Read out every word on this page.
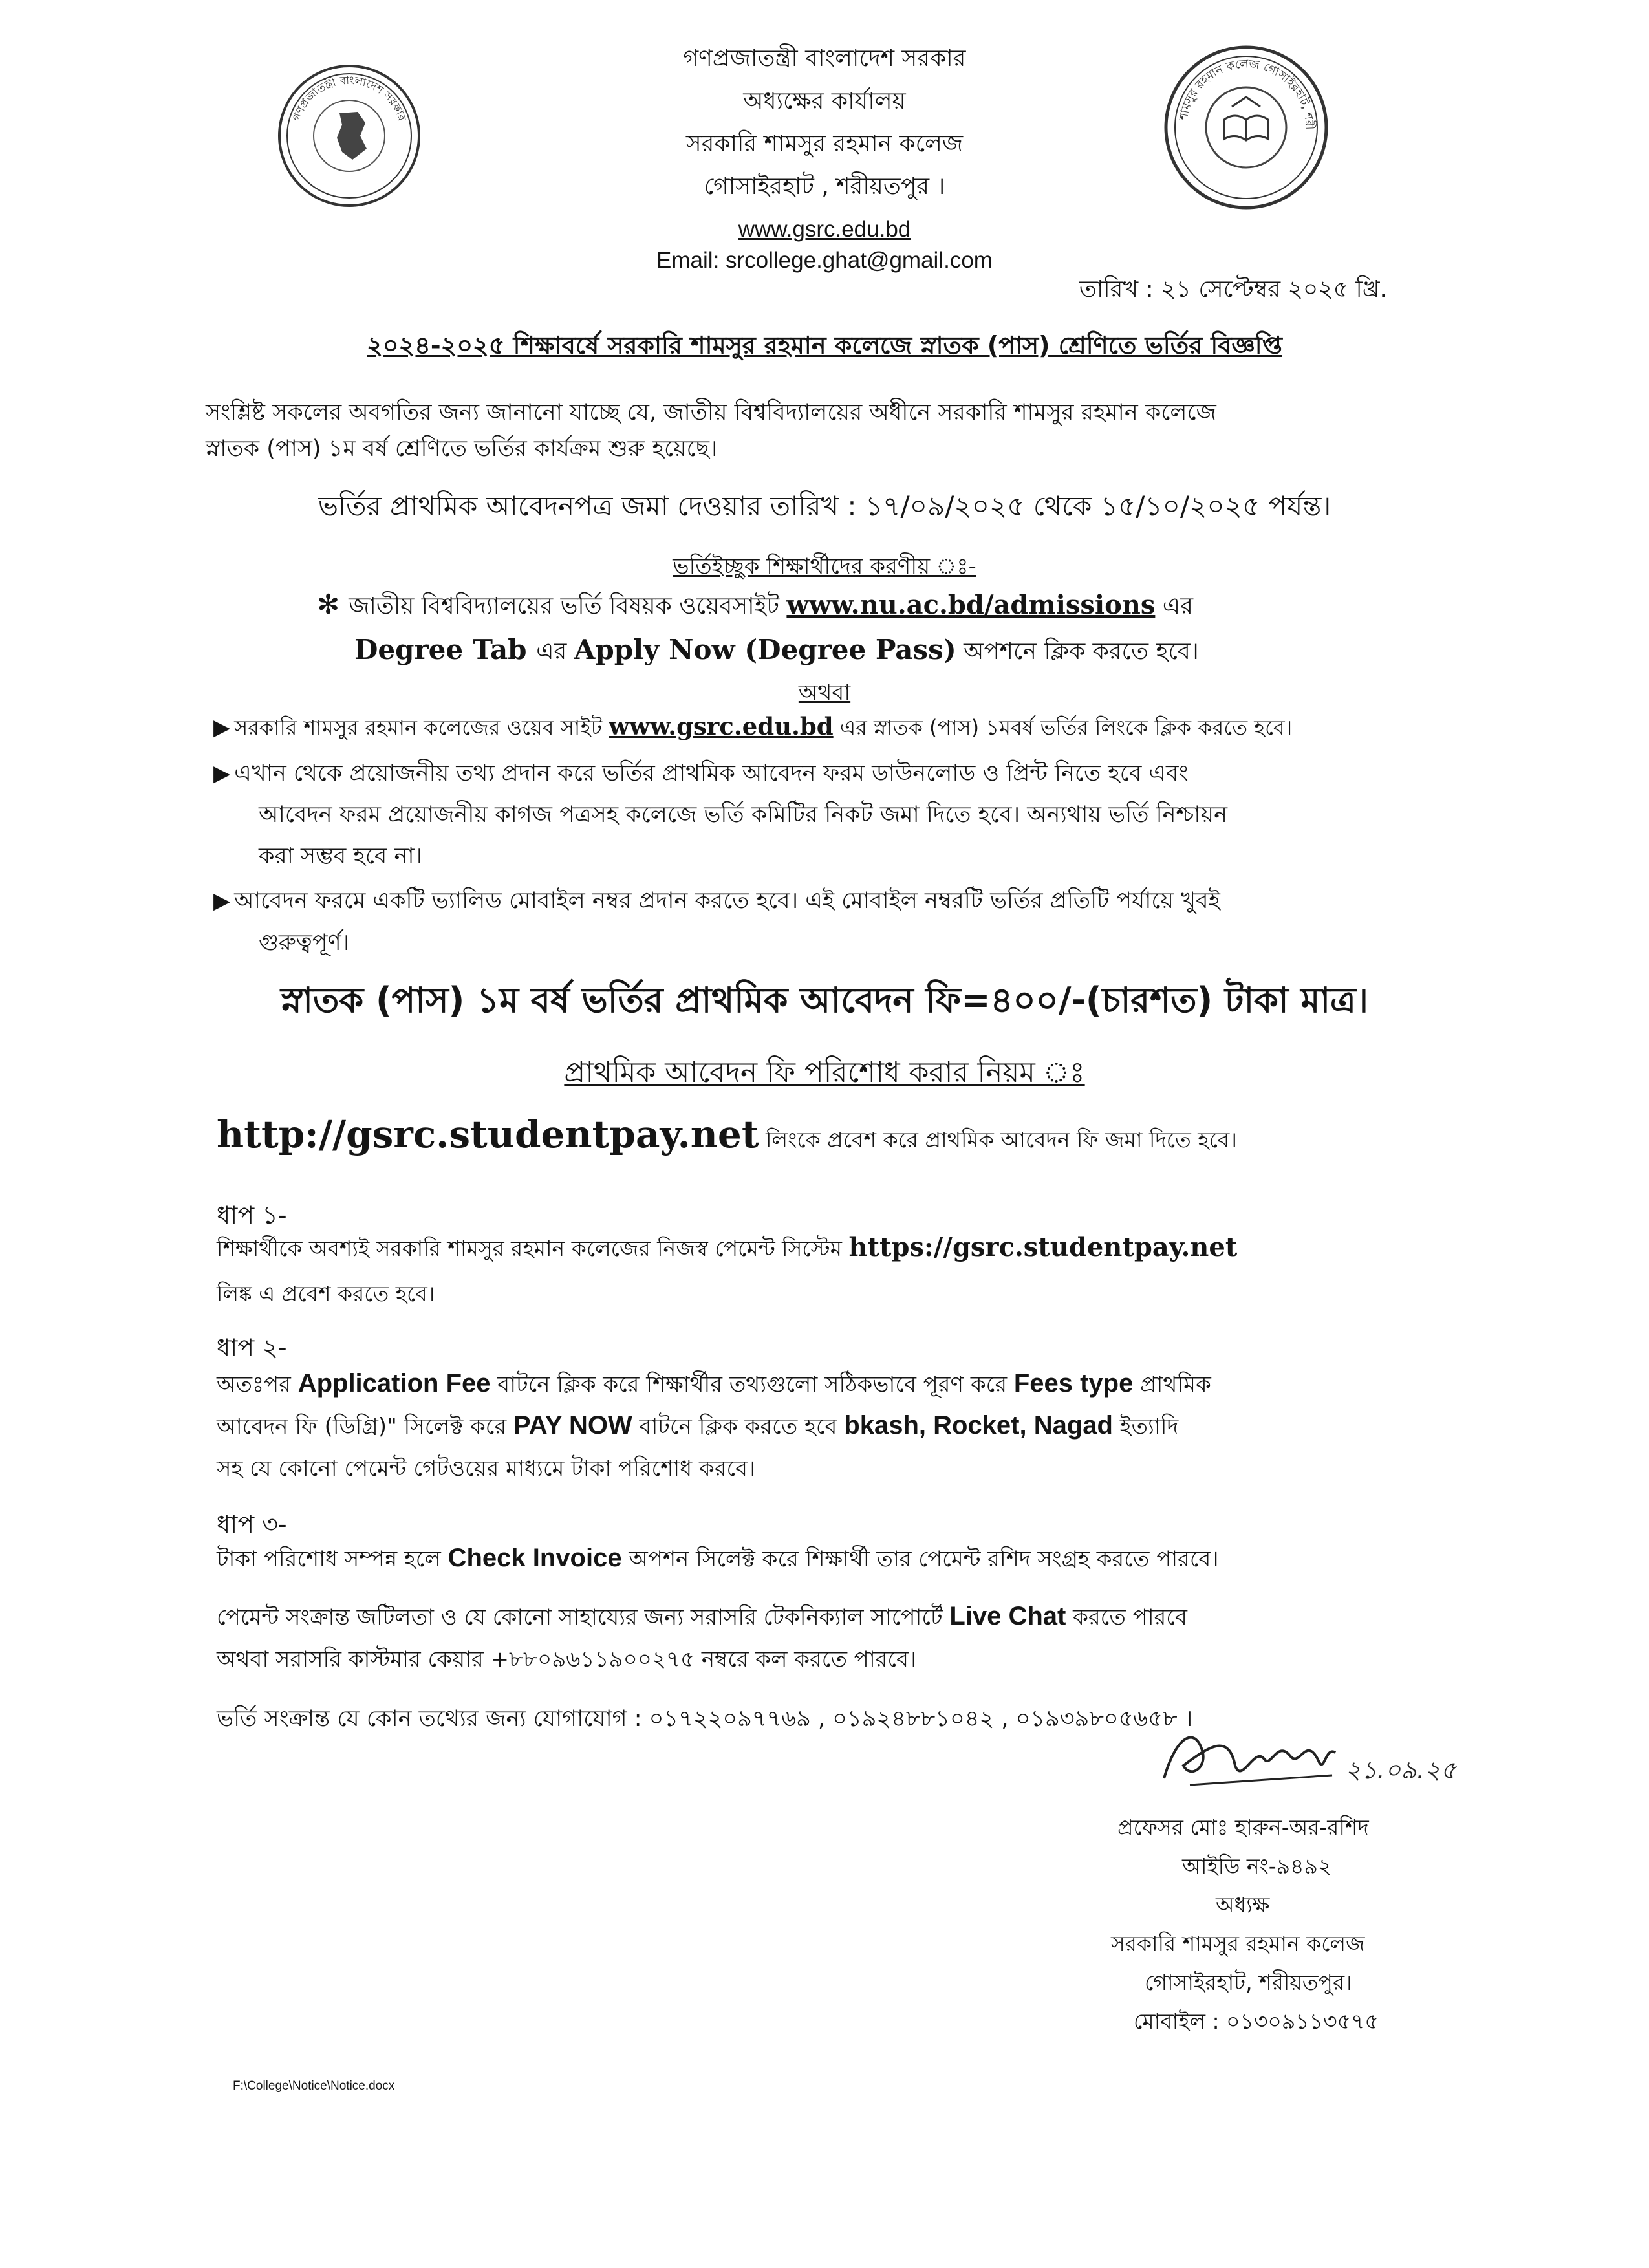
গণপ্রজাতন্ত্রী বাংলাদেশ সরকার	শামসুর রহমান কলেজ গোসাইরহাট, শরী
গণপ্রজাতন্ত্রী বাংলাদেশ সরকার
অধ্যক্ষের কার্যালয়
সরকারি শামসুর রহমান কলেজ
গোসাইরহাট , শরীয়তপুর ।
www.gsrc.edu.bd
Email: srcollege.ghat@gmail.com
তারিখ : ২১ সেপ্টেম্বর ২০২৫ খ্রি.
২০২৪-২০২৫ শিক্ষাবর্ষে সরকারি শামসুর রহমান কলেজে স্নাতক (পাস) শ্রেণিতে ভর্তির বিজ্ঞপ্তি
সংশ্লিষ্ট সকলের অবগতির জন্য জানানো যাচ্ছে যে, জাতীয় বিশ্ববিদ্যালয়ের অধীনে সরকারি শামসুর রহমান কলেজে
স্নাতক (পাস) ১ম বর্ষ শ্রেণিতে ভর্তির কার্যক্রম শুরু হয়েছে।
ভর্তির প্রাথমিক আবেদনপত্র জমা দেওয়ার তারিখ : ১৭/০৯/২০২৫ থেকে ১৫/১০/২০২৫ পর্যন্ত।
ভর্তিইচ্ছুক শিক্ষার্থীদের করণীয় ঃ-
✻ জাতীয় বিশ্ববিদ্যালয়ের ভর্তি বিষয়ক ওয়েবসাইট www.nu.ac.bd/admissions এর
Degree Tab এর Apply Now (Degree Pass) অপশনে ক্লিক করতে হবে।
অথবা
▶ সরকারি শামসুর রহমান কলেজের ওয়েব সাইট www.gsrc.edu.bd এর স্নাতক (পাস) ১মবর্ষ ভর্তির লিংকে ক্লিক করতে হবে।
▶ এখান থেকে প্রয়োজনীয় তথ্য প্রদান করে ভর্তির প্রাথমিক আবেদন ফরম ডাউনলোড ও প্রিন্ট নিতে হবে এবং
আবেদন ফরম প্রয়োজনীয় কাগজ পত্রসহ কলেজে ভর্তি কমিটির নিকট জমা দিতে হবে। অন্যথায় ভর্তি নিশ্চায়ন
করা সম্ভব হবে না।
▶ আবেদন ফরমে একটি ভ্যালিড মোবাইল নম্বর প্রদান করতে হবে। এই মোবাইল নম্বরটি ভর্তির প্রতিটি পর্যায়ে খুবই
গুরুত্বপূর্ণ।
স্নাতক (পাস) ১ম বর্ষ ভর্তির প্রাথমিক আবেদন ফি=৪০০/-(চারশত) টাকা মাত্র।
প্রাথমিক আবেদন ফি পরিশোধ করার নিয়ম ঃ
http://gsrc.studentpay.net লিংকে প্রবেশ করে প্রাথমিক আবেদন ফি জমা দিতে হবে।
ধাপ ১-
শিক্ষার্থীকে অবশ্যই সরকারি শামসুর রহমান কলেজের নিজস্ব পেমেন্ট সিস্টেম https://gsrc.studentpay.net
লিঙ্ক এ প্রবেশ করতে হবে।
ধাপ ২-
অতঃপর Application Fee বাটনে ক্লিক করে শিক্ষার্থীর তথ্যগুলো সঠিকভাবে পূরণ করে Fees type প্রাথমিক
আবেদন ফি (ডিগ্রি)" সিলেক্ট করে PAY NOW বাটনে ক্লিক করতে হবে bkash, Rocket, Nagad ইত্যাদি
সহ যে কোনো পেমেন্ট গেটওয়ের মাধ্যমে টাকা পরিশোধ করবে।
ধাপ ৩-
টাকা পরিশোধ সম্পন্ন হলে Check Invoice অপশন সিলেক্ট করে শিক্ষার্থী তার পেমেন্ট রশিদ সংগ্রহ করতে পারবে।
পেমেন্ট সংক্রান্ত জটিলতা ও যে কোনো সাহায্যের জন্য সরাসরি টেকনিক্যাল সাপোর্টে Live Chat করতে পারবে
অথবা সরাসরি কাস্টমার কেয়ার +৮৮০৯৬১১৯০০২৭৫ নম্বরে কল করতে পারবে।
ভর্তি সংক্রান্ত যে কোন তথ্যের জন্য যোগাযোগ : ০১৭২২০৯৭৭৬৯ , ০১৯২৪৮৮১০৪২ , ০১৯৩৯৮০৫৬৫৮ ।
২১.০৯.২৫
প্রফেসর মোঃ হারুন-অর-রশিদ
আইডি নং-৯৪৯২
অধ্যক্ষ
সরকারি শামসুর রহমান কলেজ
গোসাইরহাট, শরীয়তপুর।
মোবাইল : ০১৩০৯১১৩৫৭৫
F:\College\Notice\Notice.docx
